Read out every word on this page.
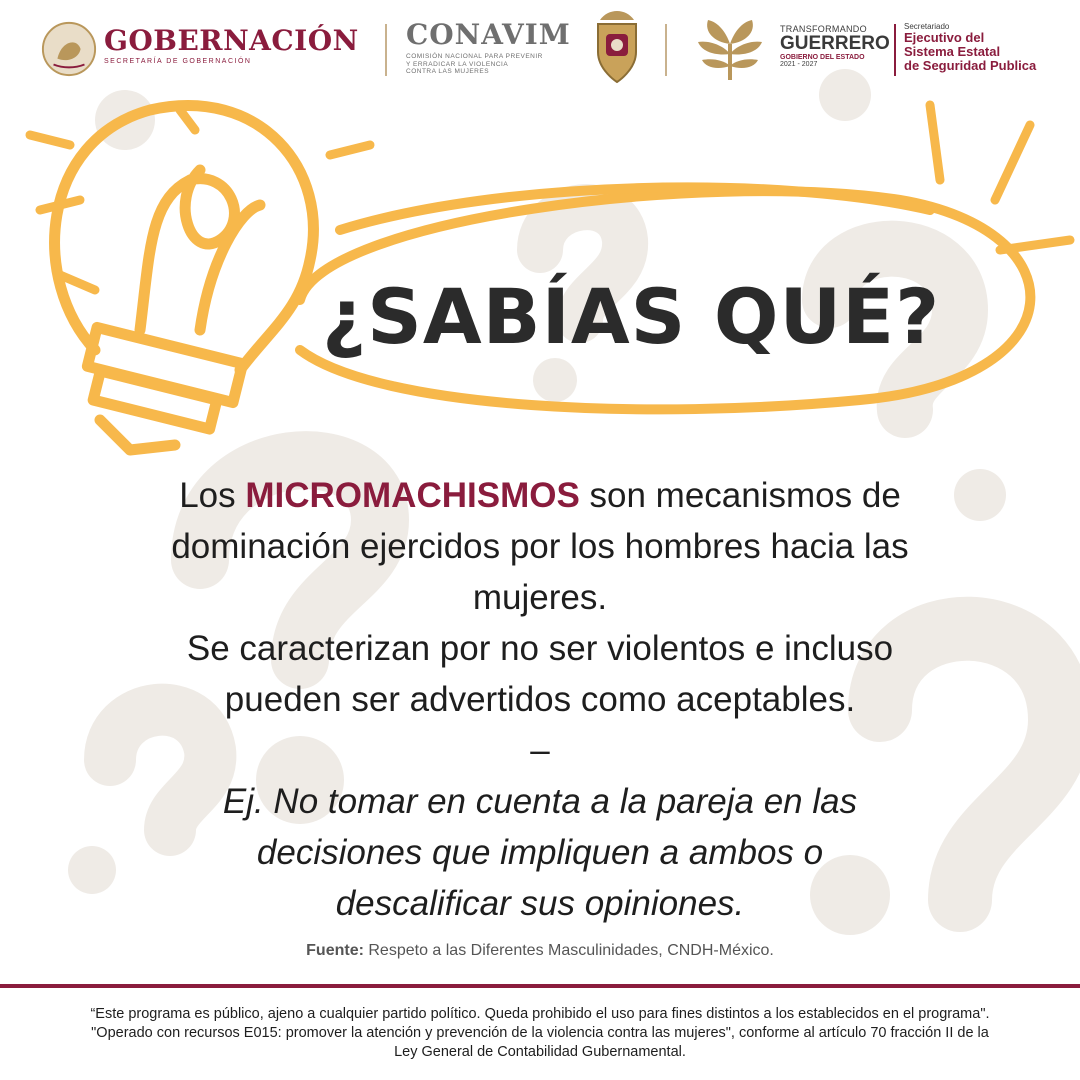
GOBERNACIÓN
SECRETARÍA DE GOBERNACIÓN
CONAVIM
COMISIÓN NACIONAL PARA PREVENIR
Y ERRADICAR LA VIOLENCIA
CONTRA LAS MUJERES
TRANSFORMANDO
GUERRERO
GOBIERNO DEL ESTADO
2021 - 2027
Secretariado
Ejecutivo del
Sistema Estatal
de Seguridad Publica
¿SABÍAS QUÉ?
Los MICROMACHISMOS son mecanismos de dominación ejercidos por los hombres hacia las mujeres.
Se caracterizan por no ser violentos e incluso pueden ser advertidos como aceptables.
–
Ej. No tomar en cuenta a la pareja en las decisiones que impliquen a ambos o descalificar sus opiniones.
Fuente: Respeto a las Diferentes Masculinidades, CNDH-México.
“Este programa es público, ajeno a cualquier partido político. Queda prohibido el uso para fines distintos a los establecidos en el programa".
"Operado con recursos E015: promover la atención y prevención de la violencia contra las mujeres", conforme al artículo 70 fracción II de la
Ley General de Contabilidad Gubernamental.
